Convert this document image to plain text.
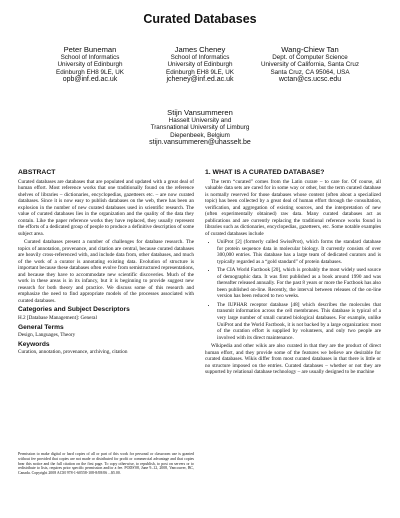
Curated Databases
Peter Buneman
School of Informatics
University of Edinburgh
Edinburgh EH8 9LE, UK
opb@inf.ed.ac.uk
James Cheney
School of Informatics
University of Edinburgh
Edinburgh EH8 9LE, UK
jcheney@inf.ed.ac.uk
Wang-Chiew Tan
Dept. of Computer Science
University of California, Santa Cruz
Santa Cruz, CA 95064, USA
wctan@cs.ucsc.edu
Stijn Vansummeren
Hasselt University and
Transnational University of Limburg
Diepenbeek, Belgium
stijn.vansummeren@uhasselt.be
ABSTRACT

Curated databases are databases that are populated and updated with a great deal of human effort. Most reference works that one traditionally found on the reference shelves of libraries – dictionaries, encyclopedias, gazetteers etc. – are now curated databases. Since it is now easy to publish databases on the web, there has been an explosion in the number of new curated databases used in scientific research. The value of curated databases lies in the organization and the quality of the data they contain. Like the paper reference works they have replaced, they usually represent the efforts of a dedicated group of people to produce a definitive description of some subject area.

Curated databases present a number of challenges for database research. The topics of annotation, provenance, and citation are central, because curated databases are heavily cross-referenced with, and include data from, other databases, and much of the work of a curator is annotating existing data. Evolution of structure is important because these databases often evolve from semistructured representations, and because they have to accommodate new scientific discoveries. Much of the work in these areas is in its infancy, but it is beginning to provide suggest new research for both theory and practice. We discuss some of this research and emphasize the need to find appropriate models of the processes associated with curated databases.

Categories and Subject Descriptors

H.2 [Database Management]: General

General Terms

Design, Languages, Theory

Keywords

Curation, annotation, provenance, archiving, citation

Permission to make digital or hard copies of all or part of this work for personal or classroom use is granted without fee provided that copies are not made or distributed for profit or commercial advantage and that copies bear this notice and the full citation on the first page. To copy otherwise, to republish, to post on servers or to redistribute to lists, requires prior specific permission and/or a fee. PODS'08, June 9–12, 2008, Vancouver, BC, Canada. Copyright 2008 ACM 978-1-60558-108-8/08/06 ...$5.00.
1. WHAT IS A CURATED DATABASE?

The term “curated” comes from the Latin curare – to care for. Of course, all valuable data sets are cared for in some way or other, but the term curated database is normally reserved for those databases whose content (often about a specialized topic) has been collected by a great deal of human effort through the consultation, verification, and aggregation of existing sources, and the interpretation of new (often experimentally obtained) raw data. Many curated databases act as publications and are currently replacing the traditional reference works found in libraries such as dictionaries, encyclopedias, gazetteers, etc. Some notable examples of curated databases include

• UniProt [2] (formerly called SwissProt), which forms the standard database for protein sequence data in molecular biology. It currently consists of over 300,000 entries. This database has a large team of dedicated curators and is typically regarded as a “gold standard” of protein databases.
• The CIA World Factbook [20], which is probably the most widely used source of demographic data. It was first published as a book around 1990 and was thereafter released annually. For the past 8 years or more the Factbook has also been published on-line. Recently, the interval between releases of the on-line version has been reduced to two weeks.
• The IUPHAR receptor database [48] which describes the molecules that transmit information across the cell membranes. This database is typical of a very large number of small curated biological databases. For example, unlike UniProt and the World Factbook, it is not backed by a large organization: most of the curation effort is supplied by volunteers, and only two people are involved with its direct maintenance.

Wikipedia and other wikis are also curated in that they are the product of direct human effort, and they provide some of the features we believe are desirable for curated databases. Wikis differ from most curated databases in that there is little or no structure imposed on the entries. Curated databases – whether or not they are supported by relational database technology – are usually designed to be machine
